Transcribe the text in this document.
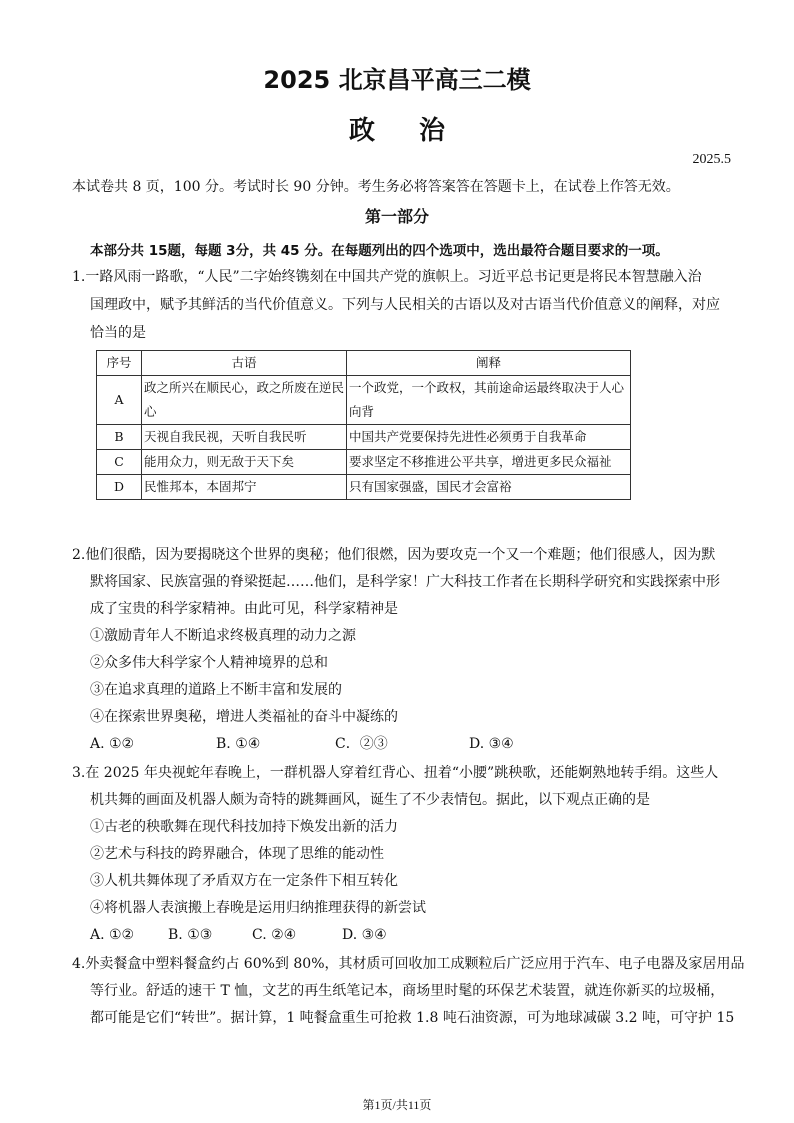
2025 北京昌平高三二模
政 治
2025.5
本试卷共 8 页，100 分。考试时长 90 分钟。考生务必将答案答在答题卡上，在试卷上作答无效。
第一部分
本部分共 15题，每题 3分，共 45 分。在每题列出的四个选项中，选出最符合题目要求的一项。
1.一路风雨一路歌，“人民”二字始终镌刻在中国共产党的旗帜上。习近平总书记更是将民本智慧融入治
国理政中，赋予其鲜活的当代价值意义。下列与人民相关的古语以及对古语当代价值意义的阐释，对应
恰当的是
序号	古语	阐释
A	政之所兴在顺民心，政之所废在逆民心	一个政党，一个政权，其前途命运最终取决于人心向背
B	天视自我民视，天听自我民听	中国共产党要保持先进性必须勇于自我革命
C	能用众力，则无敌于天下矣	要求坚定不移推进公平共享，增进更多民众福祉
D	民惟邦本，本固邦宁	只有国家强盛，国民才会富裕
2.他们很酷，因为要揭晓这个世界的奥秘；他们很燃，因为要攻克一个又一个难题；他们很感人，因为默
默将国家、民族富强的脊梁挺起……他们，是科学家！广大科技工作者在长期科学研究和实践探索中形
成了宝贵的科学家精神。由此可见，科学家精神是
①激励青年人不断追求终极真理的动力之源
②众多伟大科学家个人精神境界的总和
③在追求真理的道路上不断丰富和发展的
④在探索世界奥秘，增进人类福祉的奋斗中凝练的
A. ①②	B. ①④	C．②③	D. ③④
3.在 2025 年央视蛇年春晚上，一群机器人穿着红背心、扭着“小腰”跳秧歌，还能婀熟地转手绢。这些人
机共舞的画面及机器人颇为奇特的跳舞画风，诞生了不少表情包。据此，以下观点正确的是
①古老的秧歌舞在现代科技加持下焕发出新的活力
②艺术与科技的跨界融合，体现了思维的能动性
③人机共舞体现了矛盾双方在一定条件下相互转化
④将机器人表演搬上春晚是运用归纳推理获得的新尝试
A. ①② B. ①③	C. ②④	D. ③④
4.外卖餐盒中塑料餐盒约占 60%到 80%，其材质可回收加工成颗粒后广泛应用于汽车、电子电器及家居用品
等行业。舒适的速干 T 恤，文艺的再生纸笔记本，商场里时髦的环保艺术装置，就连你新买的垃圾桶，
都可能是它们“转世”。据计算，1 吨餐盒重生可抢救 1.8 吨石油资源，可为地球减碳 3.2 吨，可守护 15
第1页/共11页
